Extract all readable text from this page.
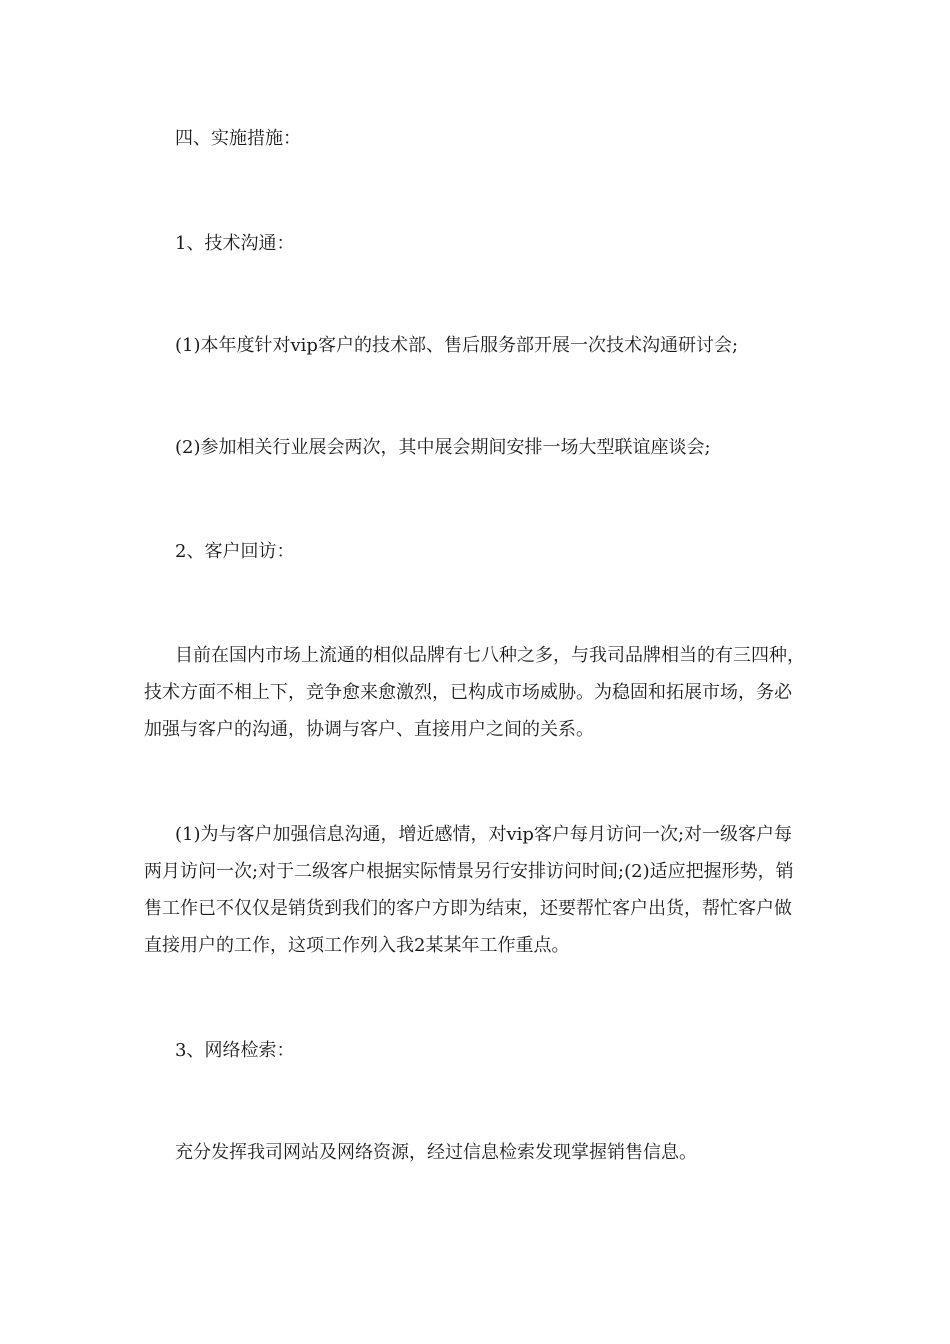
四、实施措施：

1、技术沟通：

(1)本年度针对vip客户的技术部、售后服务部开展一次技术沟通研讨会;

(2)参加相关行业展会两次，其中展会期间安排一场大型联谊座谈会;

2、客户回访：

目前在国内市场上流通的相似品牌有七八种之多，与我司品牌相当的有三四种，技术方面不相上下，竞争愈来愈激烈，已构成市场威胁。为稳固和拓展市场，务必加强与客户的沟通，协调与客户、直接用户之间的关系。

(1)为与客户加强信息沟通，增近感情，对vip客户每月访问一次;对一级客户每两月访问一次;对于二级客户根据实际情景另行安排访问时间;(2)适应把握形势，销售工作已不仅仅是销货到我们的客户方即为结束，还要帮忙客户出货，帮忙客户做直接用户的工作，这项工作列入我2某某年工作重点。

3、网络检索：

充分发挥我司网站及网络资源，经过信息检索发现掌握销售信息。
